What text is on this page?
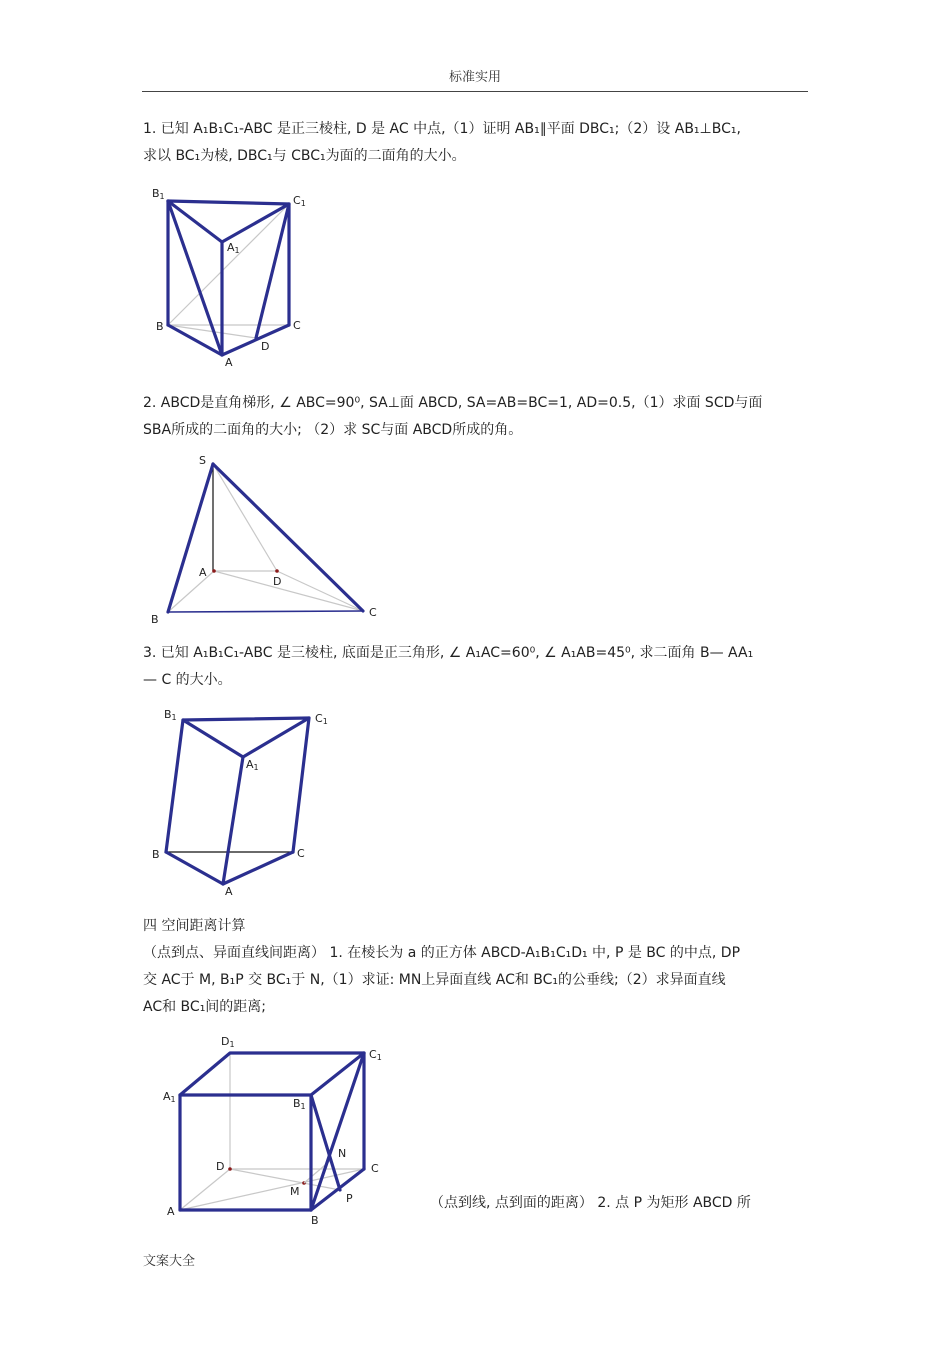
标准实用

1. 已知 A₁B₁C₁-ABC 是正三棱柱, D 是 AC 中点,（1）证明 AB₁∥平面 DBC₁;（2）设 AB₁⊥BC₁,

求以 BC₁为棱, DBC₁与 CBC₁为面的二面角的大小。

$B_1$	$C_1$
$A_1$
B	C
D
A

2. ABCD是直角梯形, ∠ ABC=90⁰, SA⊥面 ABCD, SA=AB=BC=1, AD=0.5,（1）求面 SCD与面

SBA所成的二面角的大小; （2）求 SC与面 ABCD所成的角。

S
A
D
B
C

3. 已知 A₁B₁C₁-ABC 是三棱柱, 底面是正三角形, ∠ A₁AC=60⁰, ∠ A₁AB=45⁰, 求二面角 B— AA₁

— C 的大小。

$B_1$	$C_1$
$A_1$
B	C
A

四 空间距离计算

（点到点、异面直线间距离） 1. 在棱长为 a 的正方体 ABCD-A₁B₁C₁D₁ 中, P 是 BC 的中点, DP

交 AC于 M, B₁P 交 BC₁于 N,（1）求证: MN上异面直线 AC和 BC₁的公垂线;（2）求异面直线

AC和 BC₁间的距离;

$D_1$
$C_1$
$A_1$	$B_1$
D
N
C
M
P
A
B
（点到线, 点到面的距离） 2. 点 P 为矩形 ABCD 所
文案大全
